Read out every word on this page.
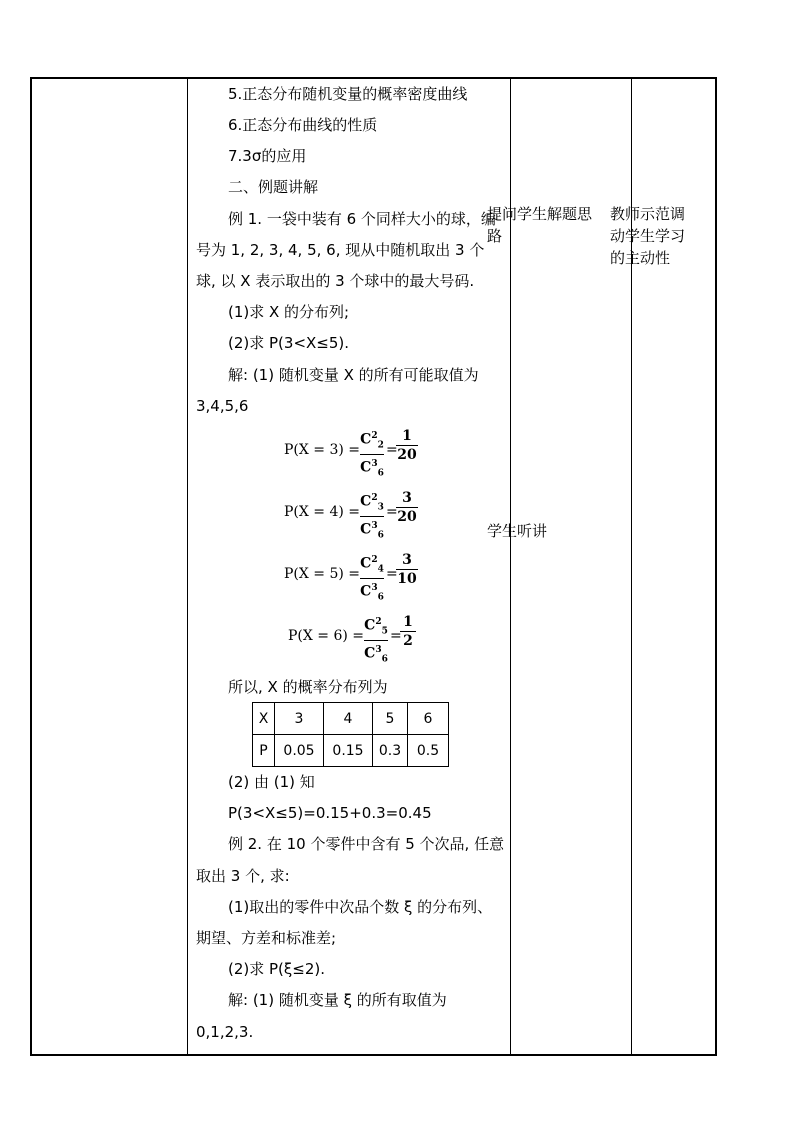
5.正态分布随机变量的概率密度曲线
6.正态分布曲线的性质
7.3σ的应用
二、例题讲解
例 1. 一袋中装有 6 个同样大小的球，编
号为 1, 2, 3, 4, 5, 6, 现从中随机取出 3 个
球, 以 X 表示取出的 3 个球中的最大号码.
(1)求 X 的分布列;
(2)求 P(3<X≤5).
解: (1) 随机变量 X 的所有可能取值为
3,4,5,6
P(X = 3) =
$C^2_2$
$C^3_6$
=
1
20
P(X = 4) =
$C^2_3$
$C^3_6$
=
3
20
P(X = 5) =
$C^2_4$
$C^3_6$
=
3
10
P(X = 6) =
$C^2_5$
$C^3_6$
=
1
2
所以, X 的概率分布列为
X	3	4	5	6
P	0.05	0.15	0.3	0.5
(2) 由 (1) 知
P(3<X≤5)=0.15+0.3=0.45
例 2. 在 10 个零件中含有 5 个次品, 任意
取出 3 个, 求:
(1)取出的零件中次品个数 ξ 的分布列、
期望、方差和标准差;
(2)求 P(ξ≤2).
解: (1) 随机变量 ξ 的所有取值为
0,1,2,3.
提问学生解题思路
学生听讲
教师示范调动学生学习的主动性
